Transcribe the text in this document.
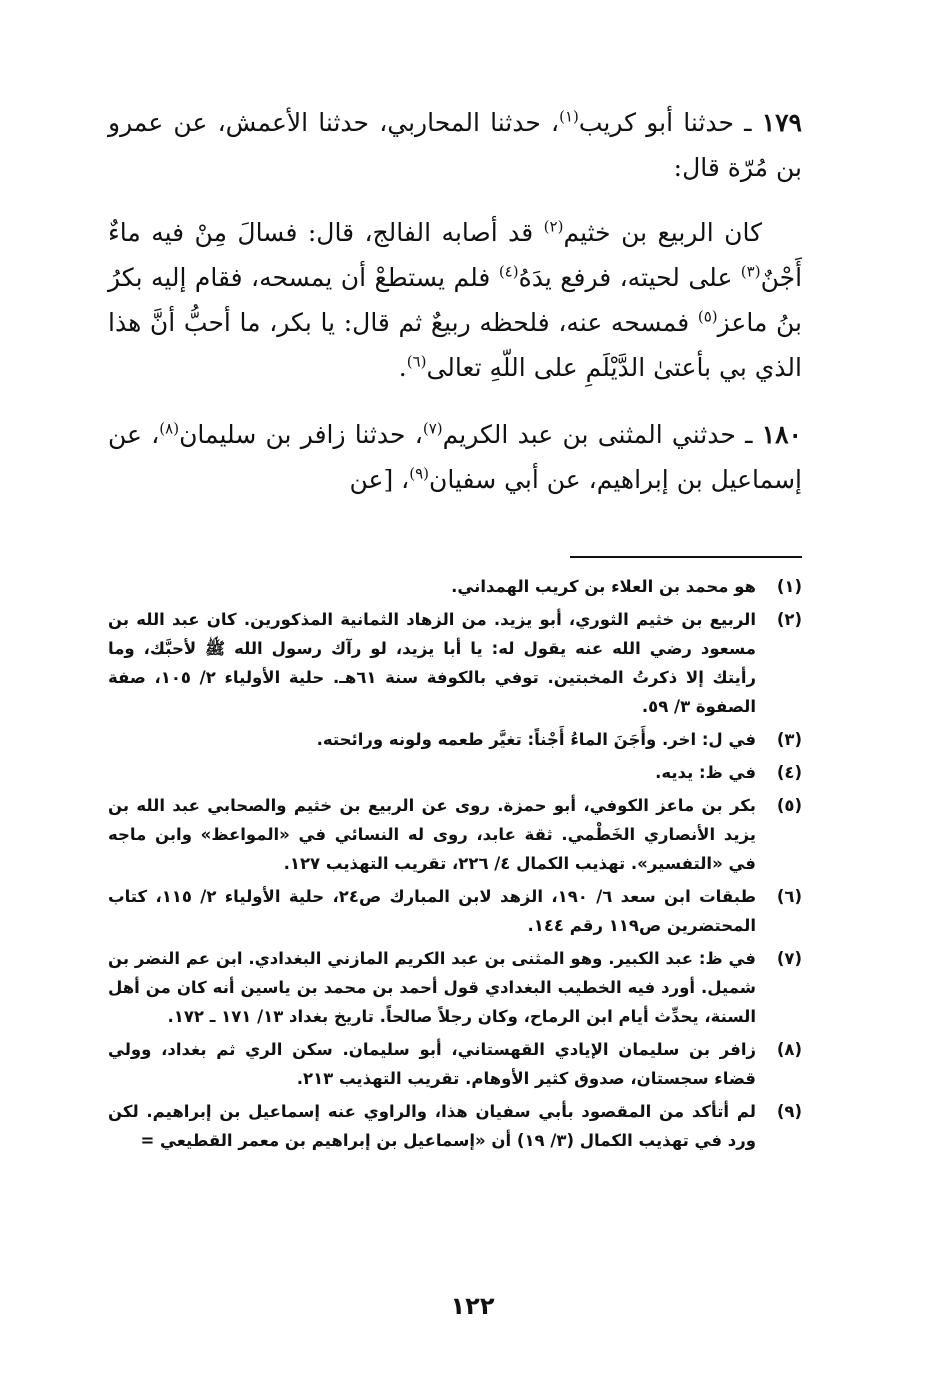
١٧٩ ـ حدثنا أبو كريب$^{(١)}$، حدثنا المحاربي، حدثنا الأعمش، عن عمرو بن مُرّة قال:
كان الربيع بن خثيم$^{(٢)}$ قد أصابه الفالج، قال: فسالَ مِنْ فيه ماءٌ أَجْنٌ$^{(٣)}$ على لحيته، فرفع يدَهُ$^{(٤)}$ فلم يستطعْ أن يمسحه، فقام إليه بكرُ بنُ ماعز$^{(٥)}$ فمسحه عنه، فلحظه ربيعٌ ثم قال: يا بكر، ما أحبُّ أنَّ هذا الذي بي بأعتىٰ الدَّيْلَمِ على اللّهِ تعالى$^{(٦)}$.

١٨٠ ـ حدثني المثنى بن عبد الكريم$^{(٧)}$، حدثنا زافر بن سليمان$^{(٨)}$، عن إسماعيل بن إبراهيم، عن أبي سفيان$^{(٩)}$، [عن

(١)
هو محمد بن العلاء بن كريب الهمداني.
(٢)
الربيع بن خثيم الثوري، أبو يزيد. من الزهاد الثمانية المذكورين. كان عبد الله بن مسعود رضي الله عنه يقول له: يا أبا يزيد، لو رآك رسول الله ﷺ لأحبَّك، وما رأيتك إلا ذكرتُ المخبتين. توفي بالكوفة سنة ٦١هـ. حلية الأولياء ٢/ ١٠٥، صفة الصفوة ٣/ ٥٩.
(٣)
في ل: اخر. وأَجَنَ الماءُ أَجْناً: تغيَّر طعمه ولونه ورائحته.
(٤)
في ظ: يديه.
(٥)
بكر بن ماعز الكوفي، أبو حمزة. روى عن الربيع بن خثيم والصحابي عبد الله بن يزيد الأنصاري الخَطْمي. ثقة عابد، روى له النسائي في «المواعظ» وابن ماجه في «التفسير». تهذيب الكمال ٤/ ٢٢٦، تقريب التهذيب ١٢٧.
(٦)
طبقات ابن سعد ٦/ ١٩٠، الزهد لابن المبارك ص٢٤، حلية الأولياء ٢/ ١١٥، كتاب المحتضرين ص١١٩ رقم ١٤٤.
(٧)
في ظ: عبد الكبير. وهو المثنى بن عبد الكريم المازني البغدادي. ابن عم النضر بن شميل. أورد فيه الخطيب البغدادي قول أحمد بن محمد بن ياسين أنه كان من أهل السنة، يحدِّث أيام ابن الرماح، وكان رجلاً صالحاً. تاريخ بغداد ١٣/ ١٧١ ـ ١٧٢.
(٨)
زافر بن سليمان الإيادي القهستاني، أبو سليمان. سكن الري ثم بغداد، وولي قضاء سجستان، صدوق كثير الأوهام. تقريب التهذيب ٢١٣.
(٩)
لم أتأكد من المقصود بأبي سفيان هذا، والراوي عنه إسماعيل بن إبراهيم. لكن ورد في تهذيب الكمال (٣/ ١٩) أن «إسماعيل بن إبراهيم بن معمر القطيعي =
١٢٢
